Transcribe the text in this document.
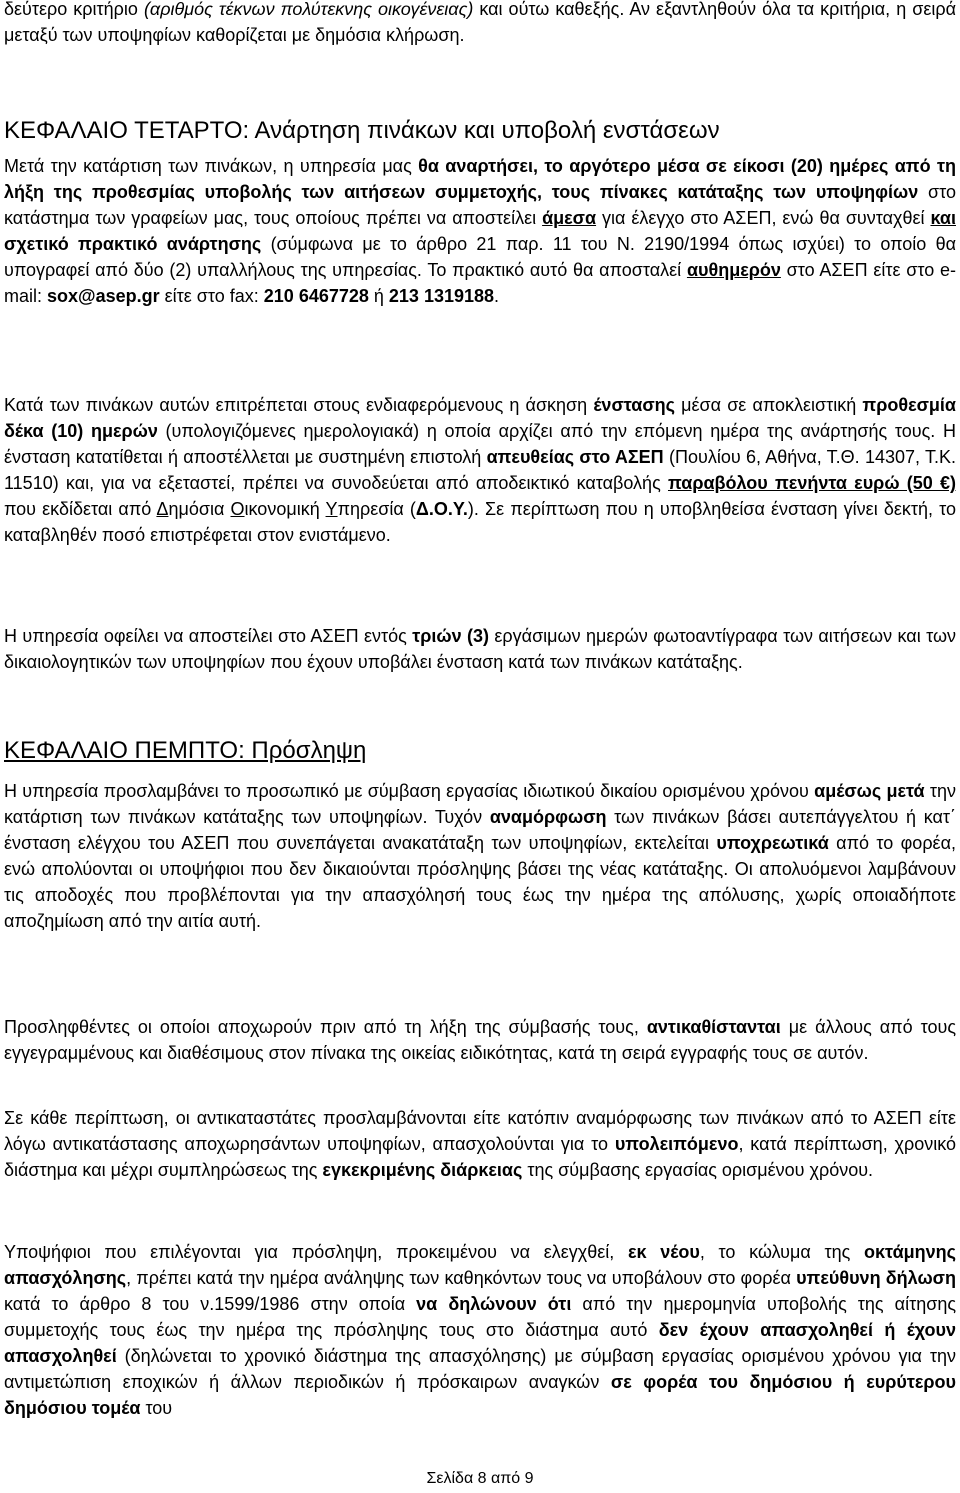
δεύτερο κριτήριο (αριθμός τέκνων πολύτεκνης οικογένειας) και ούτω καθεξής. Αν εξαντληθούν όλα τα κριτήρια, η σειρά μεταξύ των υποψηφίων καθορίζεται με δημόσια κλήρωση.

ΚΕΦΑΛΑΙΟ ΤΕΤΑΡΤΟ: Ανάρτηση πινάκων και υποβολή ενστάσεων

Μετά την κατάρτιση των πινάκων, η υπηρεσία μας θα αναρτήσει, το αργότερο μέσα σε είκοσι (20) ημέρες από τη λήξη της προθεσμίας υποβολής των αιτήσεων συμμετοχής, τους πίνακες κατάταξης των υποψηφίων στο κατάστημα των γραφείων μας, τους οποίους πρέπει να αποστείλει άμεσα για έλεγχο στο ΑΣΕΠ, ενώ θα συνταχθεί και σχετικό πρακτικό ανάρτησης (σύμφωνα με το άρθρο 21 παρ. 11 του Ν. 2190/1994 όπως ισχύει) το οποίο θα υπογραφεί από δύο (2) υπαλλήλους της υπηρεσίας. Το πρακτικό αυτό θα αποσταλεί αυθημερόν στο ΑΣΕΠ είτε στο e-mail: sox@asep.gr είτε στο fax: 210 6467728 ή 213 1319188.

Κατά των πινάκων αυτών επιτρέπεται στους ενδιαφερόμενους η άσκηση ένστασης μέσα σε αποκλειστική προθεσμία δέκα (10) ημερών (υπολογιζόμενες ημερολογιακά) η οποία αρχίζει από την επόμενη ημέρα της ανάρτησής τους. Η ένσταση κατατίθεται ή αποστέλλεται με συστημένη επιστολή απευθείας στο ΑΣΕΠ (Πουλίου 6, Αθήνα, Τ.Θ. 14307, Τ.Κ. 11510) και, για να εξεταστεί, πρέπει να συνοδεύεται από αποδεικτικό καταβολής παραβόλου πενήντα ευρώ (50 €) που εκδίδεται από Δημόσια Οικονομική Υπηρεσία (Δ.Ο.Υ.). Σε περίπτωση που η υποβληθείσα ένσταση γίνει δεκτή, το καταβληθέν ποσό επιστρέφεται στον ενιστάμενο.

Η υπηρεσία οφείλει να αποστείλει στο ΑΣΕΠ εντός τριών (3) εργάσιμων ημερών φωτοαντίγραφα των αιτήσεων και των δικαιολογητικών των υποψηφίων που έχουν υποβάλει ένσταση κατά των πινάκων κατάταξης.

ΚΕΦΑΛΑΙΟ ΠΕΜΠΤΟ: Πρόσληψη

Η υπηρεσία προσλαμβάνει το προσωπικό με σύμβαση εργασίας ιδιωτικού δικαίου ορισμένου χρόνου αμέσως μετά την κατάρτιση των πινάκων κατάταξης των υποψηφίων. Τυχόν αναμόρφωση των πινάκων βάσει αυτεπάγγελτου ή κατ΄ ένσταση ελέγχου του ΑΣΕΠ που συνεπάγεται ανακατάταξη των υποψηφίων, εκτελείται υποχρεωτικά από το φορέα, ενώ απολύονται οι υποψήφιοι που δεν δικαιούνται πρόσληψης βάσει της νέας κατάταξης. Οι απολυόμενοι λαμβάνουν τις αποδοχές που προβλέπονται για την απασχόλησή τους έως την ημέρα της απόλυσης, χωρίς οποιαδήποτε αποζημίωση από την αιτία αυτή.

Προσληφθέντες οι οποίοι αποχωρούν πριν από τη λήξη της σύμβασής τους, αντικαθίστανται με άλλους από τους εγγεγραμμένους και διαθέσιμους στον πίνακα της οικείας ειδικότητας, κατά τη σειρά εγγραφής τους σε αυτόν.

Σε κάθε περίπτωση, οι αντικαταστάτες προσλαμβάνονται είτε κατόπιν αναμόρφωσης των πινάκων από το ΑΣΕΠ είτε λόγω αντικατάστασης αποχωρησάντων υποψηφίων, απασχολούνται για το υπολειπόμενο, κατά περίπτωση, χρονικό διάστημα και μέχρι συμπληρώσεως της εγκεκριμένης διάρκειας της σύμβασης εργασίας ορισμένου χρόνου.

Υποψήφιοι που επιλέγονται για πρόσληψη, προκειμένου να ελεγχθεί, εκ νέου, το κώλυμα της οκτάμηνης απασχόλησης, πρέπει κατά την ημέρα ανάληψης των καθηκόντων τους να υποβάλουν στο φορέα υπεύθυνη δήλωση κατά το άρθρο 8 του ν.1599/1986 στην οποία να δηλώνουν ότι από την ημερομηνία υποβολής της αίτησης συμμετοχής τους έως την ημέρα της πρόσληψης τους στο διάστημα αυτό δεν έχουν απασχοληθεί ή έχουν απασχοληθεί (δηλώνεται το χρονικό διάστημα της απασχόλησης) με σύμβαση εργασίας ορισμένου χρόνου για την αντιμετώπιση εποχικών ή άλλων περιοδικών ή πρόσκαιρων αναγκών σε φορέα του δημόσιου ή ευρύτερου δημόσιου τομέα του

Σελίδα 8 από 9
